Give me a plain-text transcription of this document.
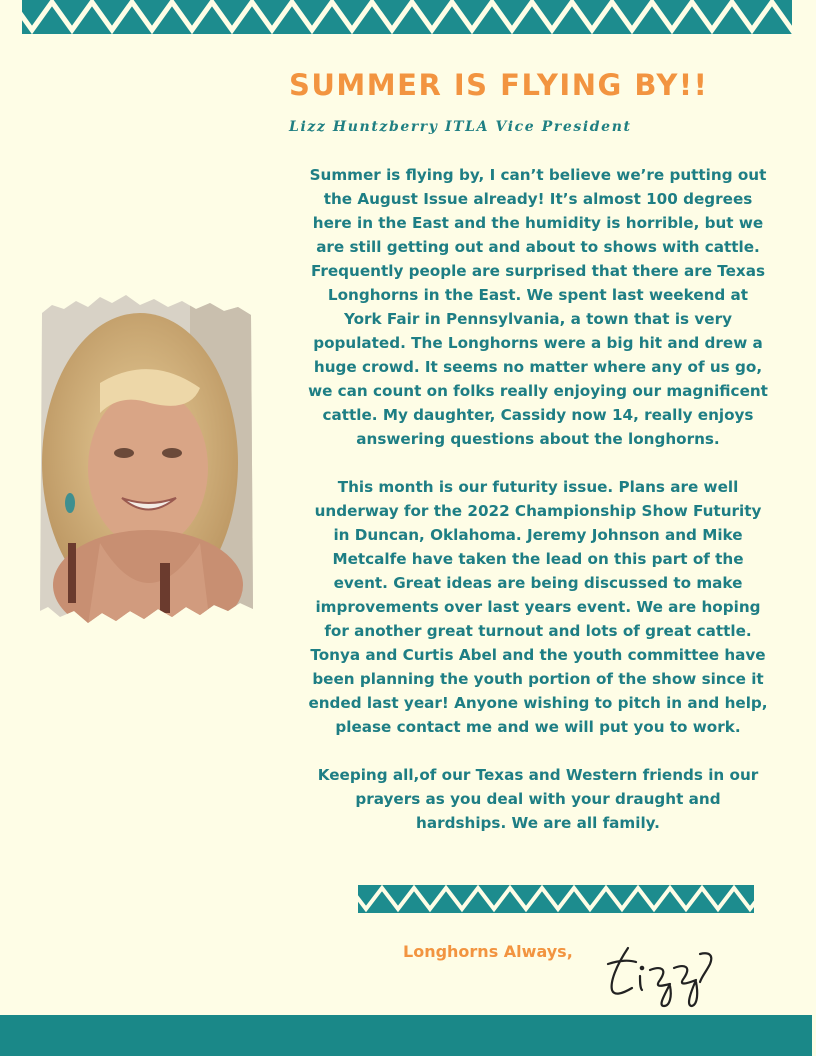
SUMMER IS FLYING BY!!
Lizz Huntzberry ITLA Vice President

Summer is flying by, I can’t believe we’re putting out the August Issue already! It’s almost 100 degrees here in the East and the humidity is horrible, but we are still getting out and about to shows with cattle. Frequently people are surprised that there are Texas Longhorns in the East. We spent last weekend at York Fair in Pennsylvania, a town that is very populated. The Longhorns were a big hit and drew a huge crowd. It seems no matter where any of us go, we can count on folks really enjoying our magnificent cattle. My daughter, Cassidy now 14, really enjoys answering questions about the longhorns.

This month is our futurity issue. Plans are well underway for the 2022 Championship Show Futurity in Duncan, Oklahoma. Jeremy Johnson and Mike Metcalfe have taken the lead on this part of the event. Great ideas are being discussed to make improvements over last years event. We are hoping for another great turnout and lots of great cattle. Tonya and Curtis Abel and the youth committee have been planning the youth portion of the show since it ended last year! Anyone wishing to pitch in and help, please contact me and we will put you to work.

Keeping all,of our Texas and Western friends in our prayers as you deal with your draught and hardships. We are all family.

Longhorns Always,
